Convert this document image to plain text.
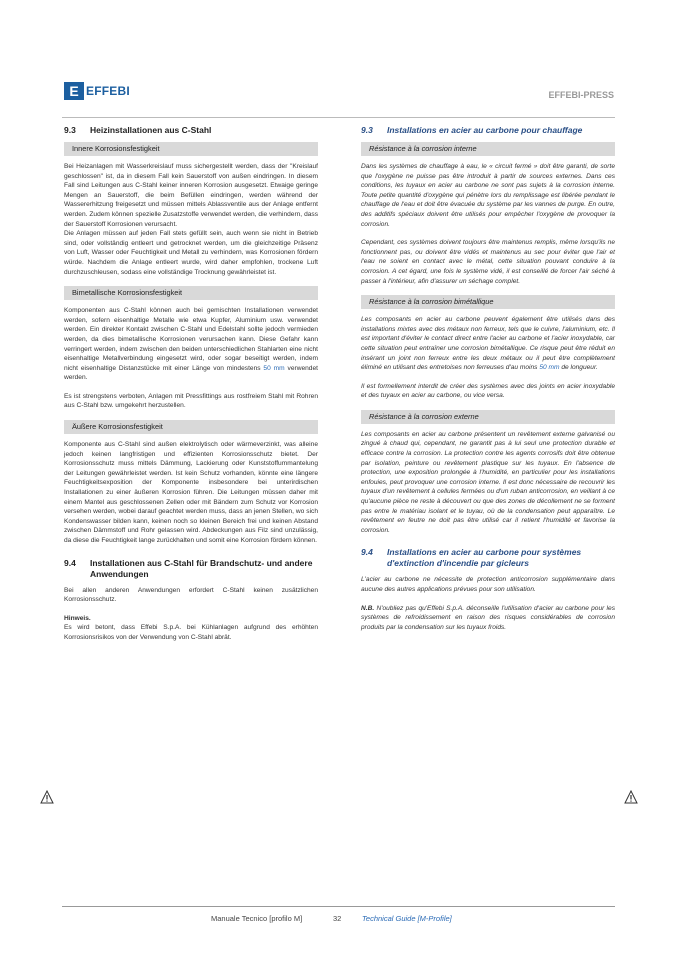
E EFFEBI	EFFEBI-PRESS
9.3	Heizinstallationen aus C-Stahl
Innere Korrosionsfestigkeit

Bei Heizanlagen mit Wasserkreislauf muss sichergestellt werden, dass der "Kreislauf geschlossen" ist, da in diesem Fall kein Sauerstoff von außen eindringen. In diesem Fall sind Leitungen aus C-Stahl keiner inneren Korrosion ausgesetzt. Etwaige geringe Mengen an Sauerstoff, die beim Befüllen eindringen, werden während der Wassererhitzung freigesetzt und müssen mittels Ablassventile aus der Anlage entfernt werden. Zudem können spezielle Zusatzstoffe verwendet werden, die verhindern, dass der Sauerstoff Korrosionen verursacht.

Die Anlagen müssen auf jeden Fall stets gefüllt sein, auch wenn sie nicht in Betrieb sind, oder vollständig entleert und getrocknet werden, um die gleichzeitige Präsenz von Luft, Wasser oder Feuchtigkeit und Metall zu verhindern, was Korrosionen fördern würde. Nachdem die Anlage entleert wurde, wird daher empfohlen, trockene Luft durchzuschleusen, sodass eine vollständige Trocknung gewährleistet ist.

Bimetallische Korrosionsfestigkeit

Komponenten aus C-Stahl können auch bei gemischten Installationen verwendet werden, sofern eisenhaltige Metalle wie etwa Kupfer, Aluminium usw. verwendet werden. Ein direkter Kontakt zwischen C-Stahl und Edelstahl sollte jedoch vermieden werden, da dies bimetallische Korrosionen verursachen kann. Diese Gefahr kann verringert werden, indem zwischen den beiden unterschiedlichen Stahlarten eine nicht eisenhaltige Metallverbindung eingesetzt wird, oder sogar beseitigt werden, indem nicht eisenhaltige Distanzstücke mit einer Länge von mindestens 50 mm verwendet werden.

Es ist strengstens verboten, Anlagen mit Pressfittings aus rostfreiem Stahl mit Rohren aus C-Stahl bzw. umgekehrt herzustellen.

Äußere Korrosionsfestigkeit

Komponente aus C-Stahl sind außen elektrolytisch oder wärmeverzinkt, was alleine jedoch keinen langfristigen und effizienten Korrosionsschutz bietet. Der Korrosionsschutz muss mittels Dämmung, Lackierung oder Kunststoffummantelung der Leitungen gewährleistet werden. Ist kein Schutz vorhanden, könnte eine längere Feuchtigkeitsexposition der Komponente insbesondere bei unterirdischen Installationen zu einer äußeren Korrosion führen. Die Leitungen müssen daher mit einem Mantel aus geschlossenen Zellen oder mit Bändern zum Schutz vor Korrosion versehen werden, wobei darauf geachtet werden muss, dass an jenen Stellen, wo sich Kondenswasser bilden kann, keinen noch so kleinen Bereich frei und keinen Abstand zwischen Dämmstoff und Rohr gelassen wird. Abdeckungen aus Filz sind unzulässig, da diese die Feuchtigkeit lange zurückhalten und somit eine Korrosion fördern können.

9.4	Installationen aus C-Stahl für Brandschutz- und andere Anwendungen

Bei allen anderen Anwendungen erfordert C-Stahl keinen zusätzlichen Korrosionsschutz.

Hinweis.
Es wird betont, dass Effebi S.p.A. bei Kühlanlagen aufgrund des erhöhten Korrosionsrisikos von der Verwendung von C-Stahl abrät.

9.3	Installations en acier au carbone pour chauffage
Résistance à la corrosion interne

Dans les systèmes de chauffage à eau, le « circuit fermé » doit être garanti, de sorte que l'oxygène ne puisse pas être introduit à partir de sources externes. Dans ces conditions, les tuyaux en acier au carbone ne sont pas sujets à la corrosion interne. Toute petite quantité d'oxygène qui pénètre lors du remplissage est libérée pendant le chauffage de l'eau et doit être évacuée du système par les vannes de purge. En outre, des additifs spéciaux doivent être utilisés pour empêcher l'oxygène de provoquer la corrosion.

Cependant, ces systèmes doivent toujours être maintenus remplis, même lorsqu'ils ne fonctionnent pas, ou doivent être vidés et maintenus au sec pour éviter que l'air et l'eau ne soient en contact avec le métal, cette situation pouvant conduire à la corrosion. A cet égard, une fois le système vidé, il est conseillé de forcer l'air séché à passer à l'intérieur, afin d'assurer un séchage complet.

Résistance à la corrosion bimétallique

Les composants en acier au carbone peuvent également être utilisés dans des installations mixtes avec des métaux non ferreux, tels que le cuivre, l'aluminium, etc. Il est important d'éviter le contact direct entre l'acier au carbone et l'acier inoxydable, car cette situation peut entraîner une corrosion bimétallique. Ce risque peut être réduit en insérant un joint non ferreux entre les deux métaux ou il peut être complètement éliminé en utilisant des entretoises non ferreuses d'au moins 50 mm de longueur.

Il est formellement interdit de créer des systèmes avec des joints en acier inoxydable et des tuyaux en acier au carbone, ou vice versa.

Résistance à la corrosion externe

Les composants en acier au carbone présentent un revêtement externe galvanisé ou zingué à chaud qui, cependant, ne garantit pas à lui seul une protection durable et efficace contre la corrosion. La protection contre les agents corrosifs doit être obtenue par isolation, peinture ou revêtement plastique sur les tuyaux. En l'absence de protection, une exposition prolongée à l'humidité, en particulier pour les installations enfouies, peut provoquer une corrosion interne. Il est donc nécessaire de recouvrir les tuyaux d'un revêtement à cellules fermées ou d'un ruban anticorrosion, en veillant à ce qu'aucune pièce ne reste à découvert ou que des zones de décollement ne se forment pas entre le matériau isolant et le tuyau, où de la condensation peut apparaître. Le revêtement en feutre ne doit pas être utilisé car il retient l'humidité et favorise la corrosion.

9.4	Installations en acier au carbone pour systèmes d'extinction d'incendie par gicleurs

L'acier au carbone ne nécessite de protection anticorrosion supplémentaire dans aucune des autres applications prévues pour son utilisation.

N.B. N'oubliez pas qu'Effebi S.p.A. déconseille l'utilisation d'acier au carbone pour les systèmes de refroidissement en raison des risques considérables de corrosion produits par la condensation sur les tuyaux froids.

Manuale Tecnico [profilo M]	32	Technical Guide [M-Profile]
